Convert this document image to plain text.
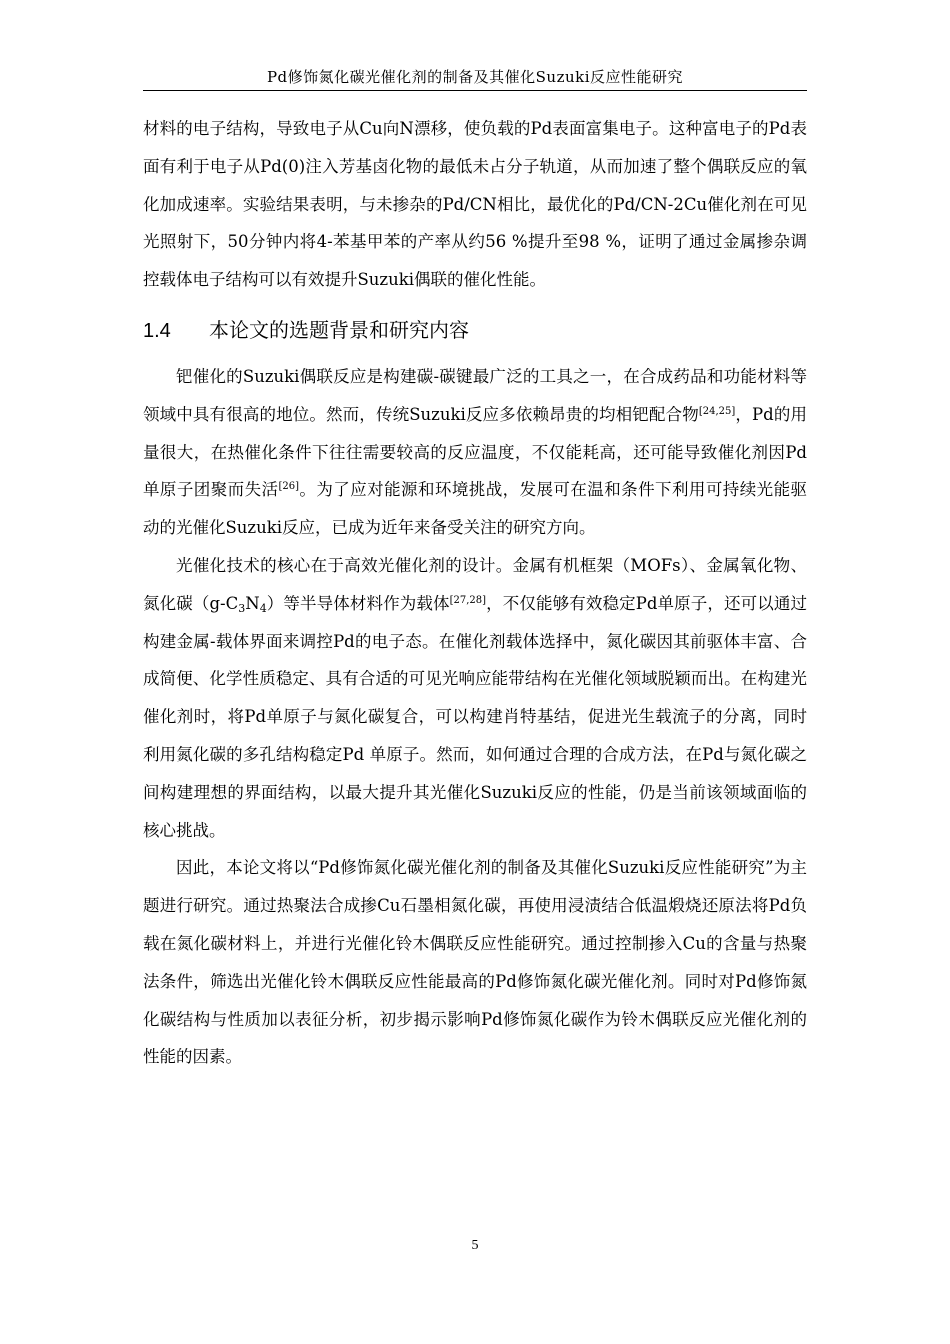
Pd修饰氮化碳光催化剂的制备及其催化Suzuki反应性能研究

材料的电子结构，导致电子从Cu向N漂移，使负载的Pd表面富集电子。这种富电子的Pd表面有利于电子从Pd(0)注入芳基卤化物的最低未占分子轨道，从而加速了整个偶联反应的氧化加成速率。实验结果表明，与未掺杂的Pd/CN相比，最优化的Pd/CN-2Cu催化剂在可见光照射下，50分钟内将4-苯基甲苯的产率从约56 %提升至98 %，证明了通过金属掺杂调控载体电子结构可以有效提升Suzuki偶联的催化性能。

1.4	本论文的选题背景和研究内容

钯催化的Suzuki偶联反应是构建碳-碳键最广泛的工具之一，在合成药品和功能材料等领域中具有很高的地位。然而，传统Suzuki反应多依赖昂贵的均相钯配合物[24,25]，Pd的用量很大，在热催化条件下往往需要较高的反应温度，不仅能耗高，还可能导致催化剂因Pd单原子团聚而失活[26]。为了应对能源和环境挑战，发展可在温和条件下利用可持续光能驱动的光催化Suzuki反应，已成为近年来备受关注的研究方向。

光催化技术的核心在于高效光催化剂的设计。金属有机框架（MOFs）、金属氧化物、氮化碳$(g-C_3N_4)$等半导体材料作为载体[27,28]，不仅能够有效稳定Pd单原子，还可以通过构建金属-载体界面来调控Pd的电子态。在催化剂载体选择中，氮化碳因其前驱体丰富、合成简便、化学性质稳定、具有合适的可见光响应能带结构在光催化领域脱颖而出。在构建光催化剂时，将Pd单原子与氮化碳复合，可以构建肖特基结，促进光生载流子的分离，同时利用氮化碳的多孔结构稳定Pd 单原子。然而，如何通过合理的合成方法，在Pd与氮化碳之间构建理想的界面结构，以最大提升其光催化Suzuki反应的性能，仍是当前该领域面临的核心挑战。

因此，本论文将以“Pd修饰氮化碳光催化剂的制备及其催化Suzuki反应性能研究”为主题进行研究。通过热聚法合成掺Cu石墨相氮化碳，再使用浸渍结合低温煅烧还原法将Pd负载在氮化碳材料上，并进行光催化铃木偶联反应性能研究。通过控制掺入Cu的含量与热聚法条件，筛选出光催化铃木偶联反应性能最高的Pd修饰氮化碳光催化剂。同时对Pd修饰氮化碳结构与性质加以表征分析，初步揭示影响Pd修饰氮化碳作为铃木偶联反应光催化剂的性能的因素。

5
